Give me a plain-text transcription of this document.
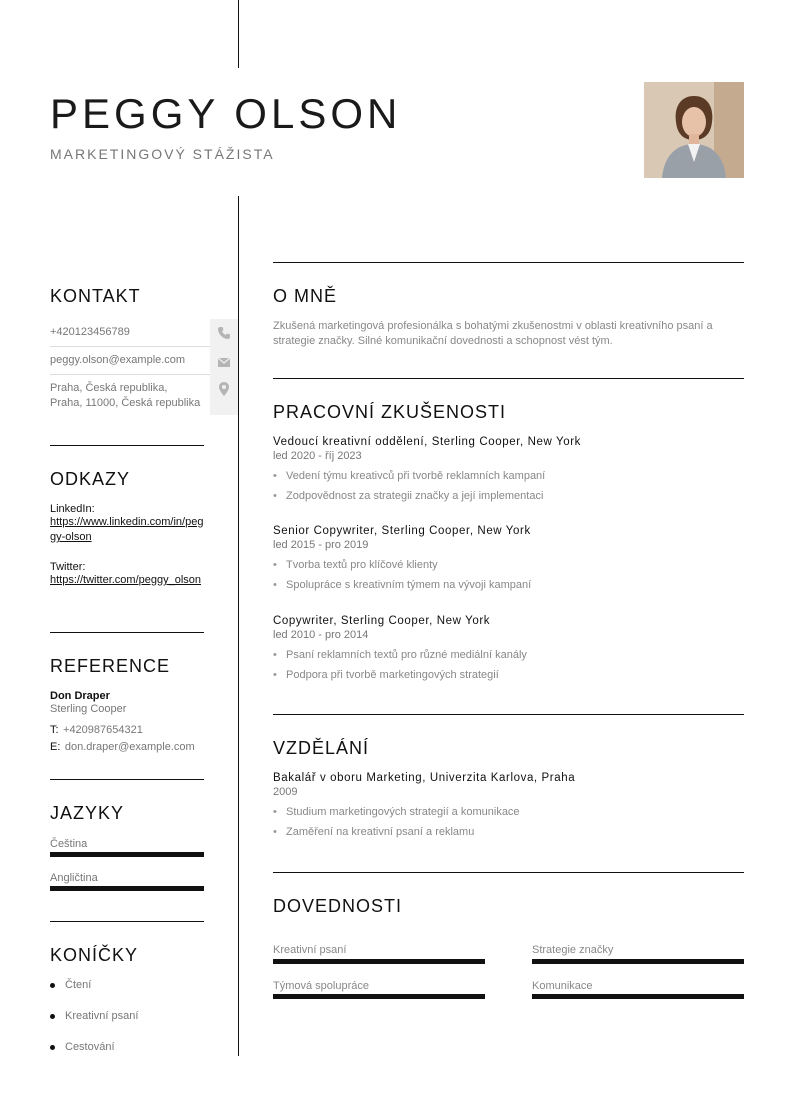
PEGGY OLSON
MARKETINGOVÝ STÁŽISTA
KONTAKT
+420123456789
peggy.olson@example.com
Praha, Česká republika,
Praha, 11000, Česká republika
ODKAZY
LinkedIn:
https://www.linkedin.com/in/peggy-olson
Twitter:
https://twitter.com/peggy_olson
REFERENCE
Don Draper
Sterling Cooper
T: +420987654321
E: don.draper@example.com
JAZYKY
Čeština
Angličtina
KONÍČKY
Čtení
Kreativní psaní
Cestování
O MNĚ
Zkušená marketingová profesionálka s bohatými zkušenostmi v oblasti kreativního psaní a strategie značky. Silné komunikační dovednosti a schopnost vést tým.
PRACOVNÍ ZKUŠENOSTI
Vedoucí kreativní oddělení, Sterling Cooper, New York
led 2020 - říj 2023
• Vedení týmu kreativců při tvorbě reklamních kampaní
• Zodpovědnost za strategii značky a její implementaci
Senior Copywriter, Sterling Cooper, New York
led 2015 - pro 2019
• Tvorba textů pro klíčové klienty
• Spolupráce s kreativním týmem na vývoji kampaní
Copywriter, Sterling Cooper, New York
led 2010 - pro 2014
• Psaní reklamních textů pro různé mediální kanály
• Podpora při tvorbě marketingových strategií
VZDĚLÁNÍ
Bakalář v oboru Marketing, Univerzita Karlova, Praha
2009
• Studium marketingových strategií a komunikace
• Zaměření na kreativní psaní a reklamu
DOVEDNOSTI
Kreativní psaní	Strategie značky
Týmová spolupráce	Komunikace
